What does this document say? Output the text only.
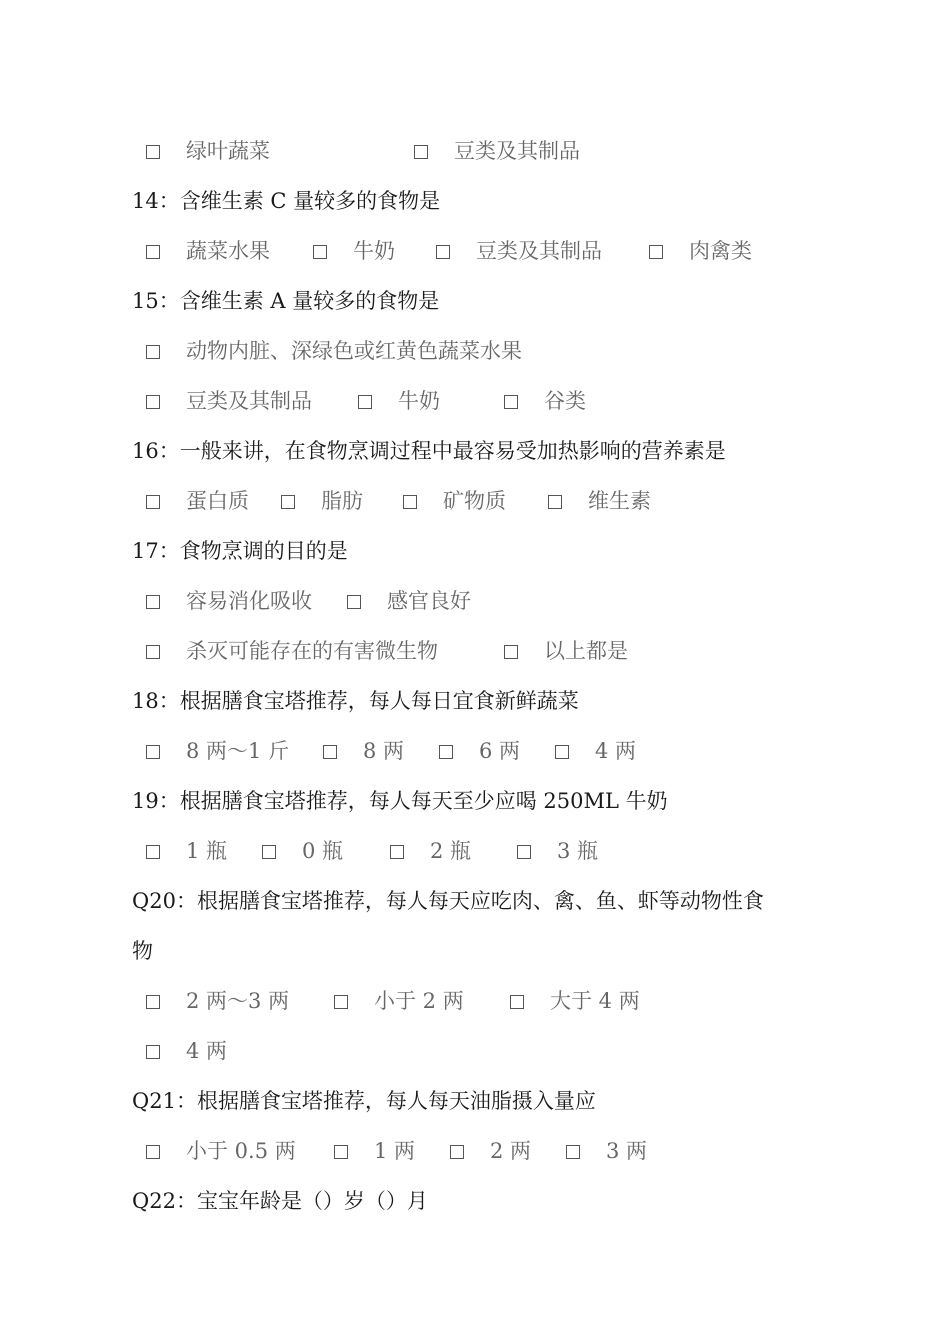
绿叶蔬菜	豆类及其制品
14：含维生素 C 量较多的食物是
蔬菜水果	牛奶	豆类及其制品	肉禽类
15：含维生素 A 量较多的食物是
动物内脏、深绿色或红黄色蔬菜水果
豆类及其制品	牛奶	谷类
16：一般来讲，在食物烹调过程中最容易受加热影响的营养素是
蛋白质	脂肪	矿物质	维生素
17：食物烹调的目的是
容易消化吸收	感官良好
杀灭可能存在的有害微生物	以上都是
18：根据膳食宝塔推荐，每人每日宜食新鲜蔬菜
8 两～1 斤	8 两	6 两	4 两
19：根据膳食宝塔推荐，每人每天至少应喝 250ML 牛奶
1 瓶	0 瓶	2 瓶	3 瓶
Q20：根据膳食宝塔推荐，每人每天应吃肉、禽、鱼、虾等动物性食
物
2 两～3 两	小于 2 两	大于 4 两
4 两
Q21：根据膳食宝塔推荐，每人每天油脂摄入量应
小于 0.5 两	1 两	2 两	3 两
Q22：宝宝年龄是（）岁（）月
